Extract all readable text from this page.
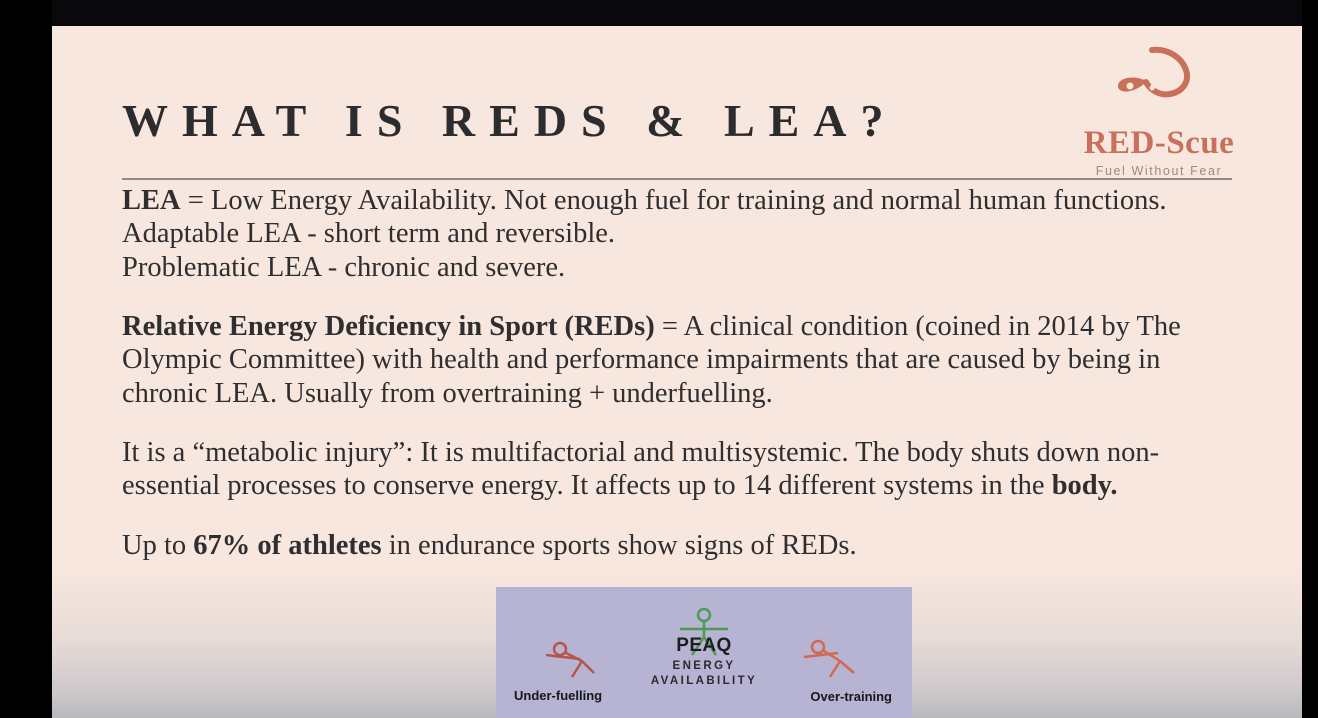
WHAT IS REDS & LEA?	RED-Scue
Fuel Without Fear
LEA = Low Energy Availability. Not enough fuel for training and normal human functions.
Adaptable LEA - short term and reversible.
Problematic LEA - chronic and severe.
Relative Energy Deficiency in Sport (REDs) = A clinical condition (coined in 2014 by The
Olympic Committee) with health and performance impairments that are caused by being in
chronic LEA. Usually from overtraining + underfuelling.
It is a “metabolic injury”: It is multifactorial and multisystemic. The body shuts down non-
essential processes to conserve energy. It affects up to 14 different systems in the body.
Up to 67% of athletes in endurance sports show signs of REDs.
PEAQ
ENERGY
AVAILABILITY
Under-fuelling	Over-training
